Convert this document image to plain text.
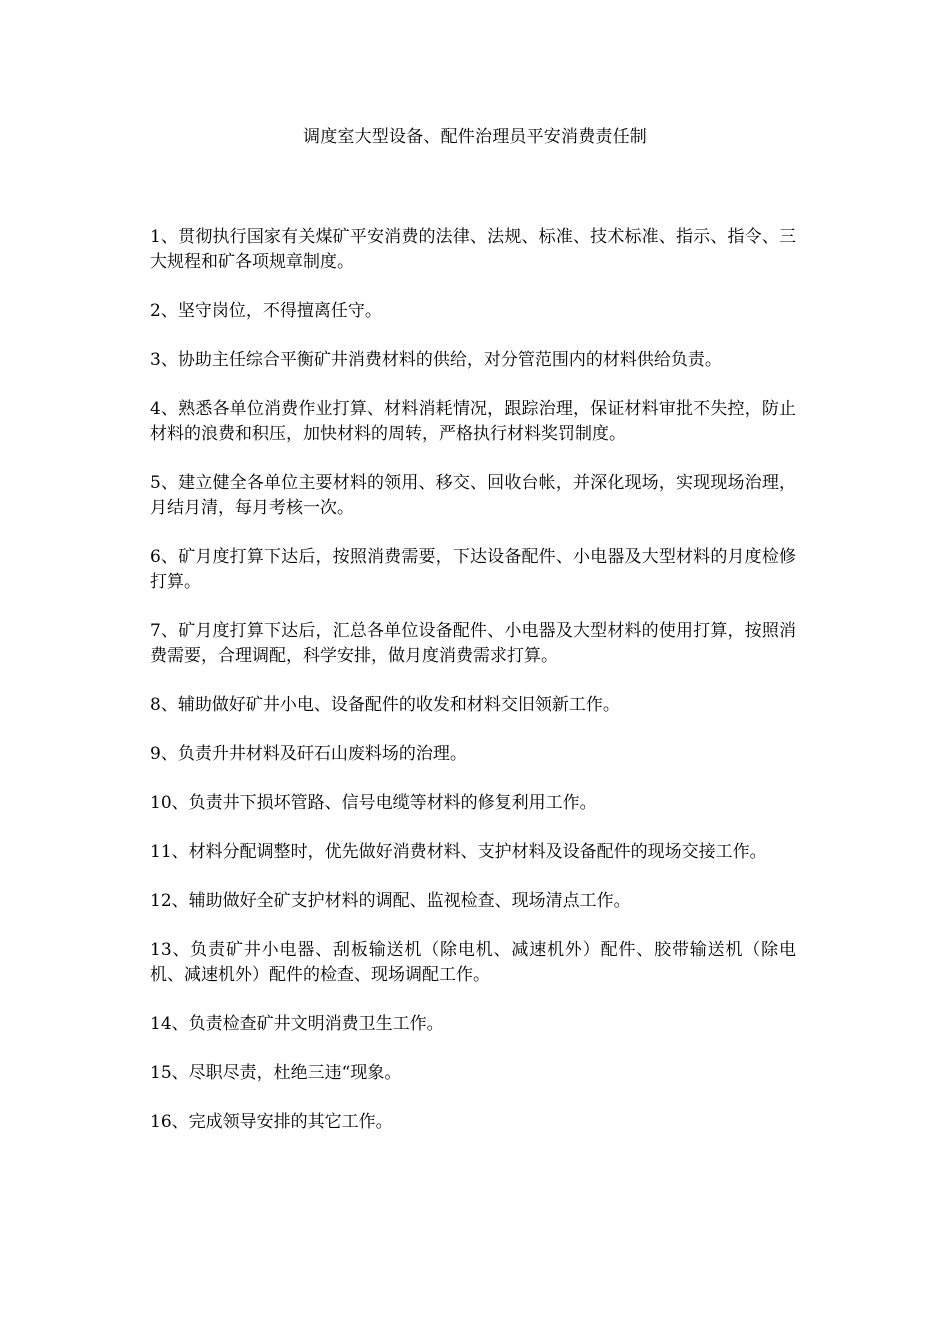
调度室大型设备、配件治理员平安消费责任制

1、贯彻执行国家有关煤矿平安消费的法律、法规、标准、技术标准、指示、指令、三大规程和矿各项规章制度。

2、坚守岗位，不得擅离任守。

3、协助主任综合平衡矿井消费材料的供给，对分管范围内的材料供给负责。

4、熟悉各单位消费作业打算、材料消耗情况，跟踪治理，保证材料审批不失控，防止材料的浪费和积压，加快材料的周转，严格执行材料奖罚制度。

5、建立健全各单位主要材料的领用、移交、回收台帐，并深化现场，实现现场治理，月结月清，每月考核一次。

6、矿月度打算下达后，按照消费需要，下达设备配件、小电器及大型材料的月度检修打算。

7、矿月度打算下达后，汇总各单位设备配件、小电器及大型材料的使用打算，按照消费需要，合理调配，科学安排，做月度消费需求打算。

8、辅助做好矿井小电、设备配件的收发和材料交旧领新工作。

9、负责升井材料及矸石山废料场的治理。

10、负责井下损坏管路、信号电缆等材料的修复利用工作。

11、材料分配调整时，优先做好消费材料、支护材料及设备配件的现场交接工作。

12、辅助做好全矿支护材料的调配、监视检查、现场清点工作。

13、负责矿井小电器、刮板输送机（除电机、减速机外）配件、胶带输送机（除电机、减速机外）配件的检查、现场调配工作。

14、负责检查矿井文明消费卫生工作。

15、尽职尽责，杜绝三违“现象。

16、完成领导安排的其它工作。
